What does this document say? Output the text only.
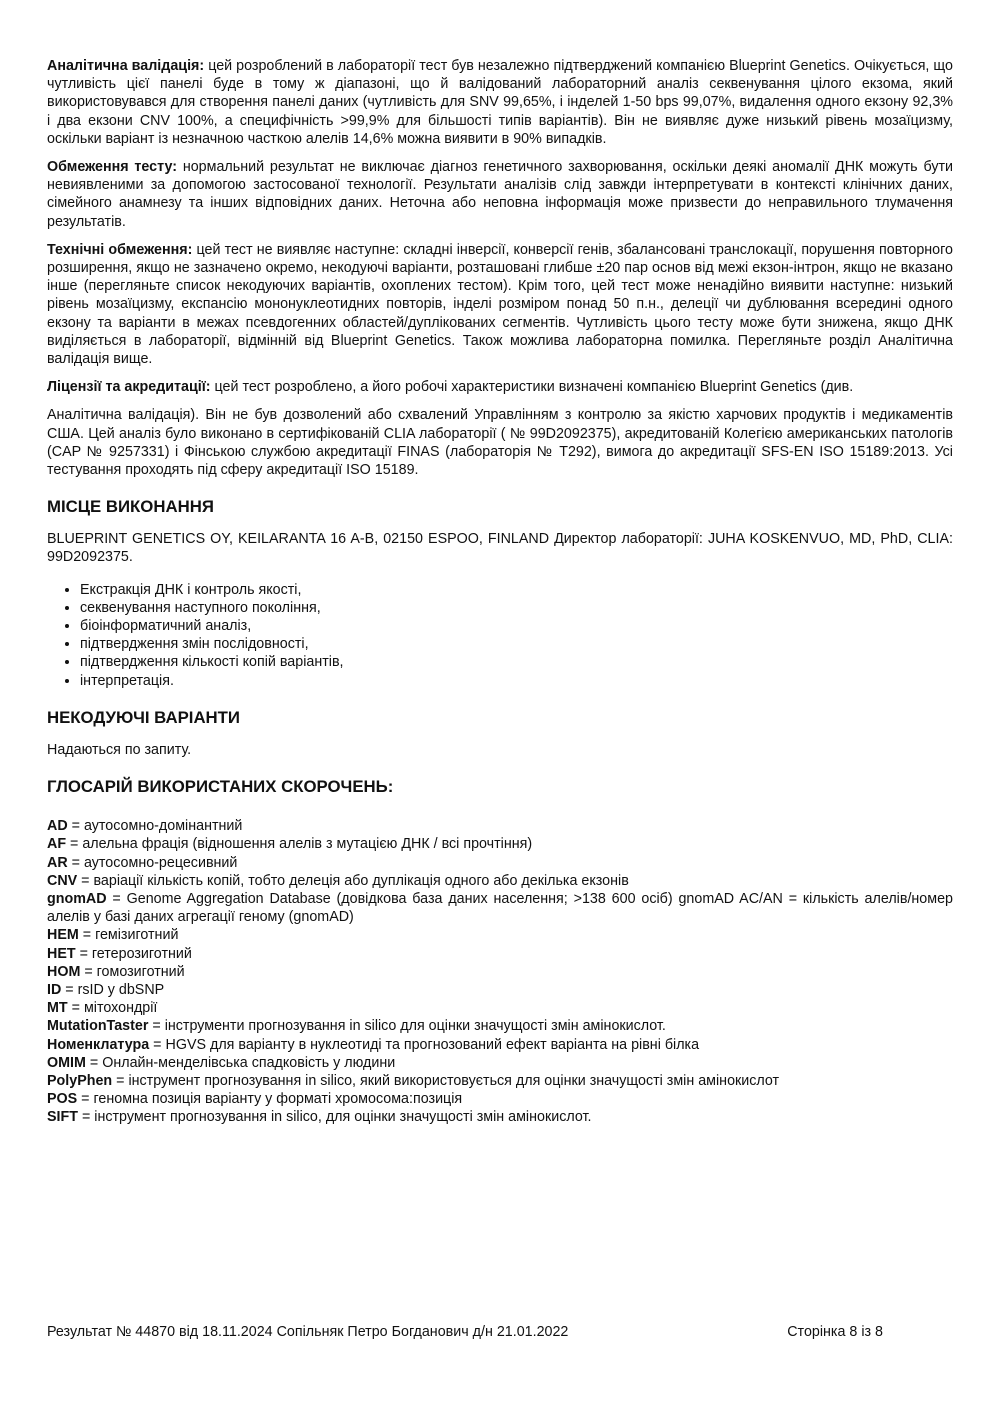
Аналітична валідація: цей розроблений в лабораторії тест був незалежно підтверджений компанією Blueprint Genetics. Очікується, що чутливість цієї панелі буде в тому ж діапазоні, що й валідований лабораторний аналіз секвенування цілого екзома, який використовувався для створення панелі даних (чутливість для SNV 99,65%, і інделей 1-50 bps 99,07%, видалення одного екзону 92,3% і два екзони CNV 100%, а специфічність >99,9% для більшості типів варіантів). Він не виявляє дуже низький рівень мозаїцизму, оскільки варіант із незначною часткою алелів 14,6% можна виявити в 90% випадків.

Обмеження тесту: нормальний результат не виключає діагноз генетичного захворювання, оскільки деякі аномалії ДНК можуть бути невиявленими за допомогою застосованої технології. Результати аналізів слід завжди інтерпретувати в контексті клінічних даних, сімейного анамнезу та інших відповідних даних. Неточна або неповна інформація може призвести до неправильного тлумачення результатів.

Технічні обмеження: цей тест не виявляє наступне: складні інверсії, конверсії генів, збалансовані транслокації, порушення повторного розширення, якщо не зазначено окремо, некодуючі варіанти, розташовані глибше ±20 пар основ від межі екзон-інтрон, якщо не вказано інше (перегляньте список некодуючих варіантів, охоплених тестом). Крім того, цей тест може ненадійно виявити наступне: низький рівень мозаїцизму, експансію мононуклеотидних повторів, інделі розміром понад 50 п.н., делеції чи дублювання всередині одного екзону та варіанти в межах псевдогенних областей/дуплікованих сегментів. Чутливість цього тесту може бути знижена, якщо ДНК виділяється в лабораторії, відмінній від Blueprint Genetics. Також можлива лабораторна помилка. Перегляньте розділ Аналітична валідація вище.

Ліцензії та акредитації: цей тест розроблено, а його робочі характеристики визначені компанією Blueprint Genetics (див.

Аналітична валідація). Він не був дозволений або схвалений Управлінням з контролю за якістю харчових продуктів і медикаментів США. Цей аналіз було виконано в сертифікованій CLIA лабораторії ( № 99D2092375), акредитованій Колегією американських патологів (CAP № 9257331) і Фінською службою акредитації FINAS (лабораторія № T292), вимога до акредитації SFS-EN ISO 15189:2013. Усі тестування проходять під сферу акредитації ISO 15189.

МІСЦЕ ВИКОНАННЯ

BLUEPRINT GENETICS OY, KEILARANTA 16 A-B, 02150 ESPOO, FINLAND Директор лабораторії: JUHA KOSKENVUO, MD, PhD, CLIA: 99D2092375.

• Екстракція ДНК і контроль якості,
• секвенування наступного покоління,
• біоінформатичний аналіз,
• підтвердження змін послідовності,
• підтвердження кількості копій варіантів,
• інтерпретація.
НЕКОДУЮЧІ ВАРІАНТИ

Надаються по запиту.

ГЛОСАРІЙ ВИКОРИСТАНИХ СКОРОЧЕНЬ:
AD = аутосомно-домінантний
AF = алельна фрація (відношення алелів з мутацією ДНК / всі прочтіння)
AR = аутосомно-рецесивний
CNV = варіації кількість копій, тобто делеція або дуплікація одного або декілька екзонів
gnomAD = Genome Aggregation Database (довідкова база даних населення; >138 600 осіб) gnomAD AC/AN = кількість алелів/номер алелів у базі даних агрегації геному (gnomAD)
HEM = гемізиготний
HET = гетерозиготний
HOM = гомозиготний
ID = rsID у dbSNP
MT = мітохондрії
MutationTaster = інструменти прогнозування in silico для оцінки значущості змін амінокислот.
Номенклатура = HGVS для варіанту в нуклеотиді та прогнозований ефект варіанта на рівні білка
OMIM = Онлайн-менделівська спадковість у людини
PolyPhen = інструмент прогнозування in silico, який використовується для оцінки значущості змін амінокислот
POS = геномна позиція варіанту у форматі хромосома:позиція
SIFT = інструмент прогнозування in silico, для оцінки значущості змін амінокислот.
Результат № 44870 від 18.11.2024 Сопільняк Петро Богданович д/н 21.01.2022	Сторінка 8 із 8
